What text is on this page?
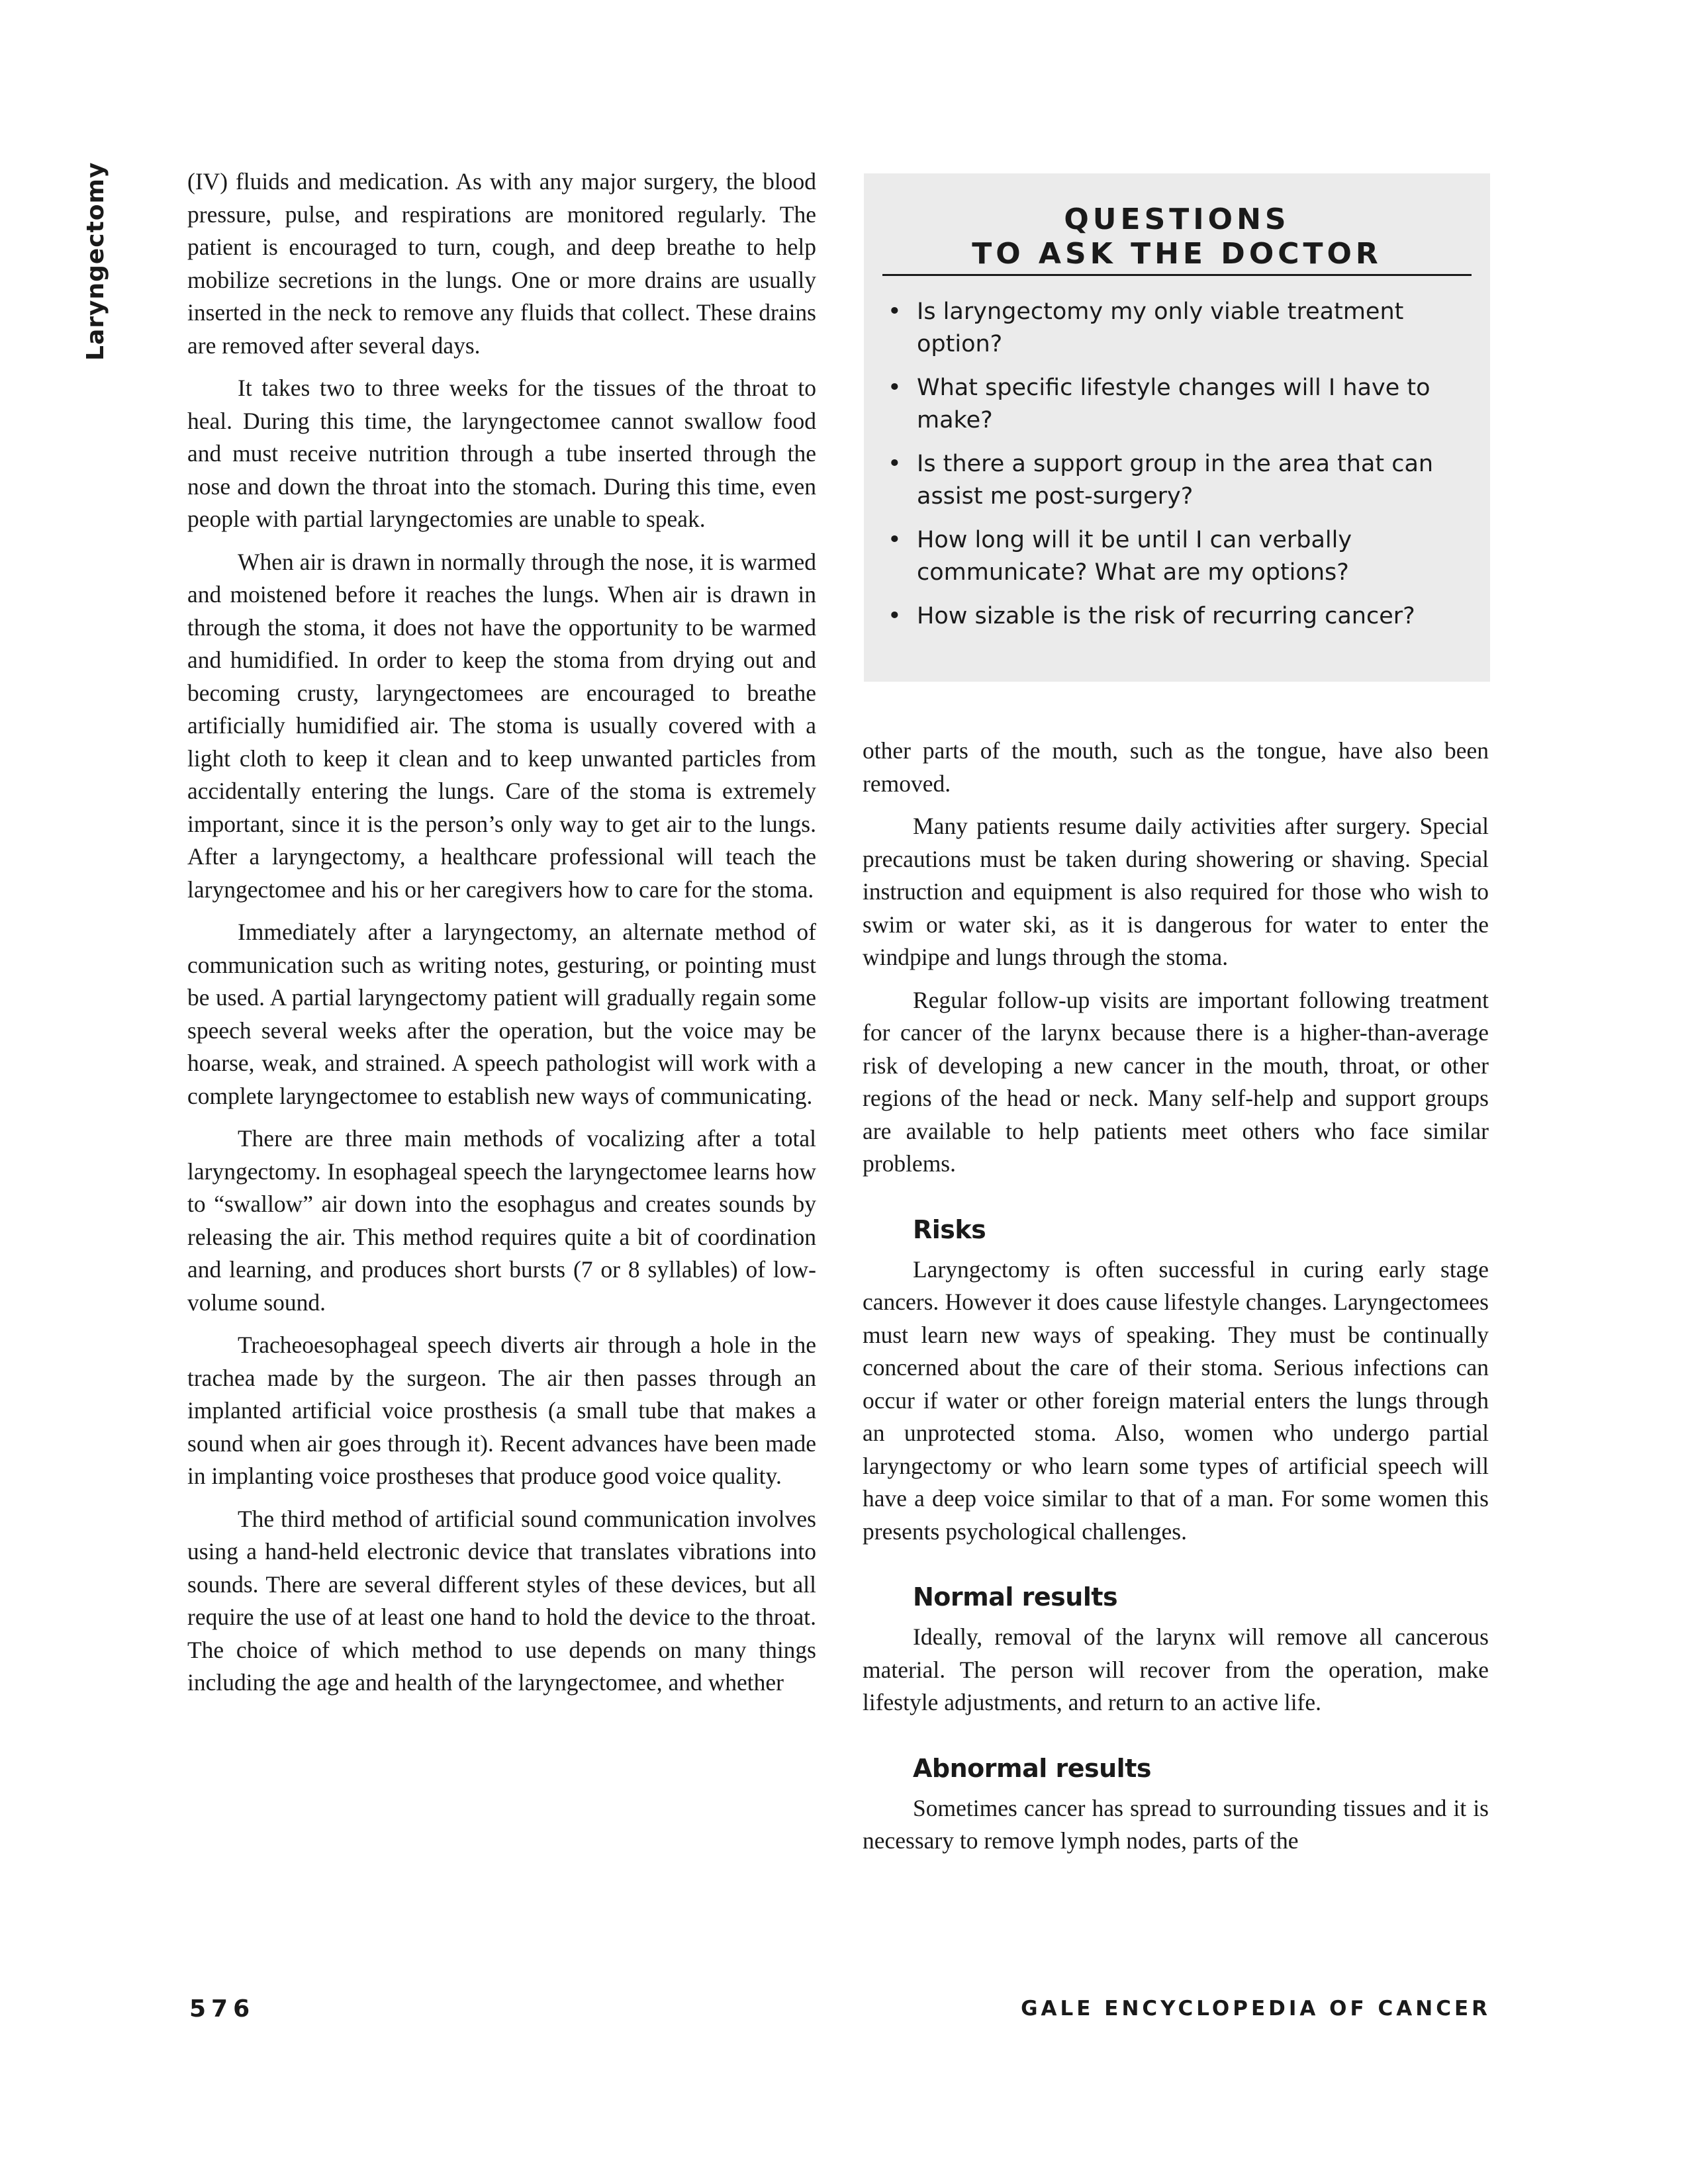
Laryngectomy	(IV) fluids and medication. As with any major surgery, the blood pressure, pulse, and respirations are monitored regularly. The patient is encouraged to turn, cough, and deep breathe to help mobilize secretions in the lungs. One or more drains are usually inserted in the neck to remove any fluids that collect. These drains are removed after several days.

It takes two to three weeks for the tissues of the throat to heal. During this time, the laryngectomee cannot swallow food and must receive nutrition through a tube inserted through the nose and down the throat into the stomach. During this time, even people with partial laryngectomies are unable to speak.

When air is drawn in normally through the nose, it is warmed and moistened before it reaches the lungs. When air is drawn in through the stoma, it does not have the opportunity to be warmed and humidified. In order to keep the stoma from drying out and becoming crusty, laryngectomees are encouraged to breathe artificially humidified air. The stoma is usually covered with a light cloth to keep it clean and to keep unwanted particles from accidentally entering the lungs. Care of the stoma is extremely important, since it is the person’s only way to get air to the lungs. After a laryngectomy, a healthcare professional will teach the laryngectomee and his or her caregivers how to care for the stoma.

Immediately after a laryngectomy, an alternate method of communication such as writing notes, gesturing, or pointing must be used. A partial laryngectomy patient will gradually regain some speech several weeks after the operation, but the voice may be hoarse, weak, and strained. A speech pathologist will work with a complete laryngectomee to establish new ways of communicating.

There are three main methods of vocalizing after a total laryngectomy. In esophageal speech the laryngectomee learns how to “swallow” air down into the esophagus and creates sounds by releasing the air. This method requires quite a bit of coordination and learning, and produces short bursts (7 or 8 syllables) of low-volume sound.

Tracheoesophageal speech diverts air through a hole in the trachea made by the surgeon. The air then passes through an implanted artificial voice prosthesis (a small tube that makes a sound when air goes through it). Recent advances have been made in implanting voice prostheses that produce good voice quality.

The third method of artificial sound communication involves using a hand-held electronic device that translates vibrations into sounds. There are several different styles of these devices, but all require the use of at least one hand to hold the device to the throat. The choice of which method to use depends on many things including the age and health of the laryngectomee, and whether

QUESTIONS
TO ASK THE DOCTOR
• Is laryngectomy my only viable treatment option?
• What specific lifestyle changes will I have to make?
• Is there a support group in the area that can assist me post-surgery?
• How long will it be until I can verbally communicate? What are my options?
• How sizable is the risk of recurring cancer?

other parts of the mouth, such as the tongue, have also been removed.

Many patients resume daily activities after surgery. Special precautions must be taken during showering or shaving. Special instruction and equipment is also required for those who wish to swim or water ski, as it is dangerous for water to enter the windpipe and lungs through the stoma.

Regular follow-up visits are important following treatment for cancer of the larynx because there is a higher-than-average risk of developing a new cancer in the mouth, throat, or other regions of the head or neck. Many self-help and support groups are available to help patients meet others who face similar problems.

Risks

Laryngectomy is often successful in curing early stage cancers. However it does cause lifestyle changes. Laryngectomees must learn new ways of speaking. They must be continually concerned about the care of their stoma. Serious infections can occur if water or other foreign material enters the lungs through an unprotected stoma. Also, women who undergo partial laryngectomy or who learn some types of artificial speech will have a deep voice similar to that of a man. For some women this presents psychological challenges.

Normal results

Ideally, removal of the larynx will remove all cancerous material. The person will recover from the operation, make lifestyle adjustments, and return to an active life.

Abnormal results

Sometimes cancer has spread to surrounding tissues and it is necessary to remove lymph nodes, parts of the

576	GALE ENCYCLOPEDIA OF CANCER
